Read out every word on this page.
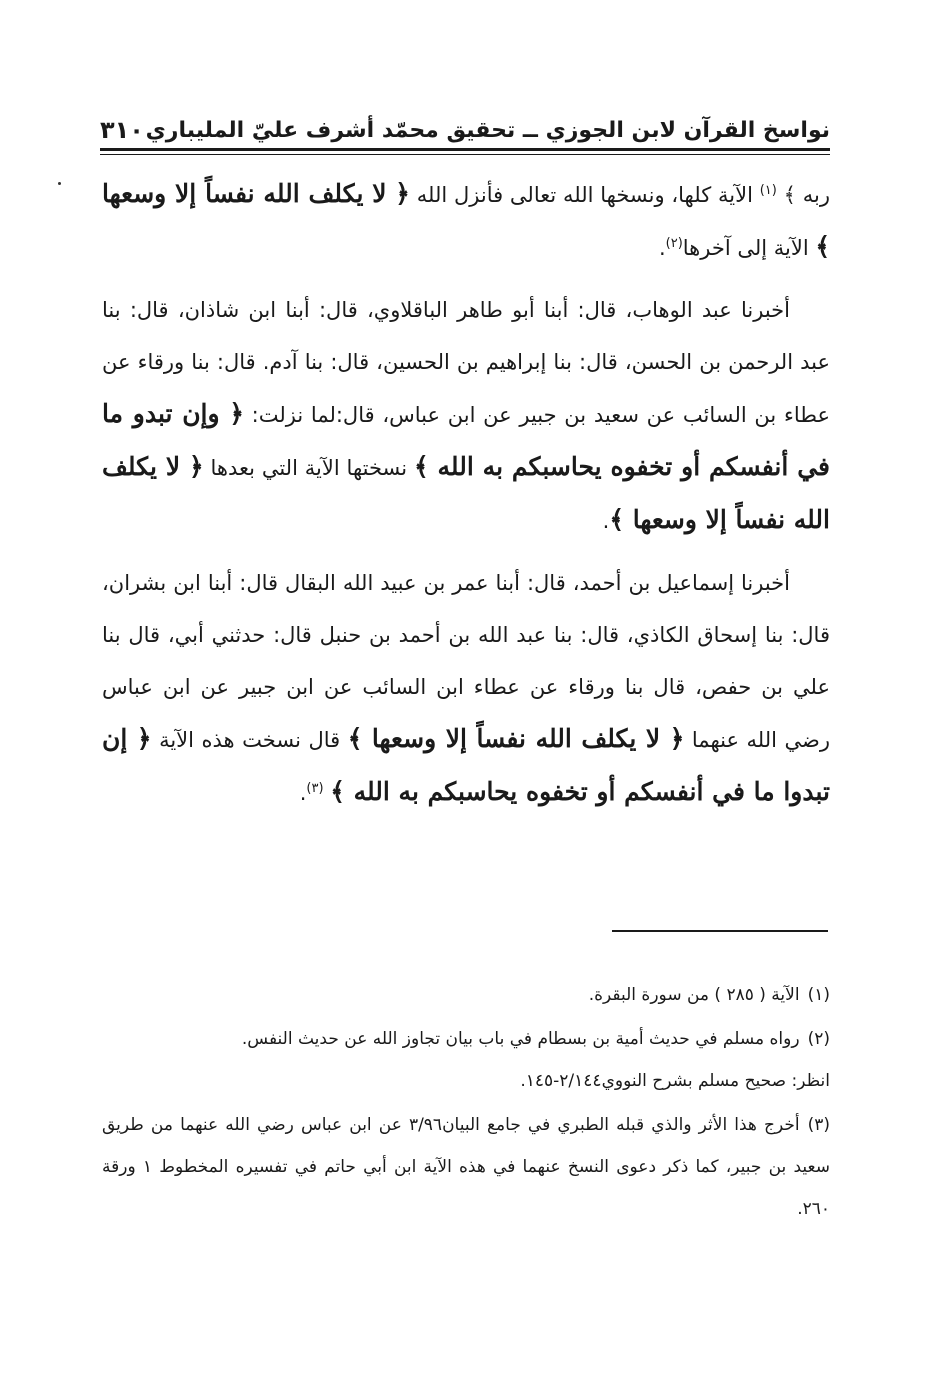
نواسخ القرآن لابن الجوزي ــ تحقيق محمّد أشرف عليّ المليباري
٣١٠

ربه ﴾ $^{(١)}$ الآية كلها، ونسخها الله تعالى فأنزل الله ﴿ لا يكلف الله نفساً إلا وسعها ﴾ الآية إلى آخرها$^{(٢)}$.

أخبرنا عبد الوهاب، قال: أبنا أبو طاهر الباقلاوي، قال: أبنا ابن شاذان، قال: بنا عبد الرحمن بن الحسن، قال: بنا إبراهيم بن الحسين، قال: بنا آدم. قال: بنا ورقاء عن عطاء بن السائب عن سعيد بن جبير عن ابن عباس، قال:لما نزلت: ﴿ وإن تبدو ما في أنفسكم أو تخفوه يحاسبكم به الله ﴾ نسختها الآية التي بعدها ﴿ لا يكلف الله نفساً إلا وسعها ﴾.

أخبرنا إسماعيل بن أحمد، قال: أبنا عمر بن عبيد الله البقال قال: أبنا ابن بشران، قال: بنا إسحاق الكاذي، قال: بنا عبد الله بن أحمد بن حنبل قال: حدثني أبي، قال بنا علي بن حفص، قال بنا ورقاء عن عطاء ابن السائب عن ابن جبير عن ابن عباس رضي الله عنهما ﴿ لا يكلف الله نفساً إلا وسعها ﴾ قال نسخت هذه الآية ﴿ إن تبدوا ما في أنفسكم أو تخفوه يحاسبكم به الله ﴾ $^{(٣)}$.

(١)الآية ( ٢٨٥ ) من سورة البقرة.

(٢)رواه مسلم في حديث أمية بن بسطام في باب بيان تجاوز الله عن حديث النفس.
انظر: صحيح مسلم بشرح النووي٢/١٤٤-١٤٥.

(٣)أخرج هذا الأثر والذي قبله الطبري في جامع البيان٣/٩٦ عن ابن عباس رضي الله عنهما من طريق سعيد بن جبير، كما ذكر دعوى النسخ عنهما في هذه الآية ابن أبي حاتم في تفسيره المخطوط ١ ورقة ٢٦٠.
